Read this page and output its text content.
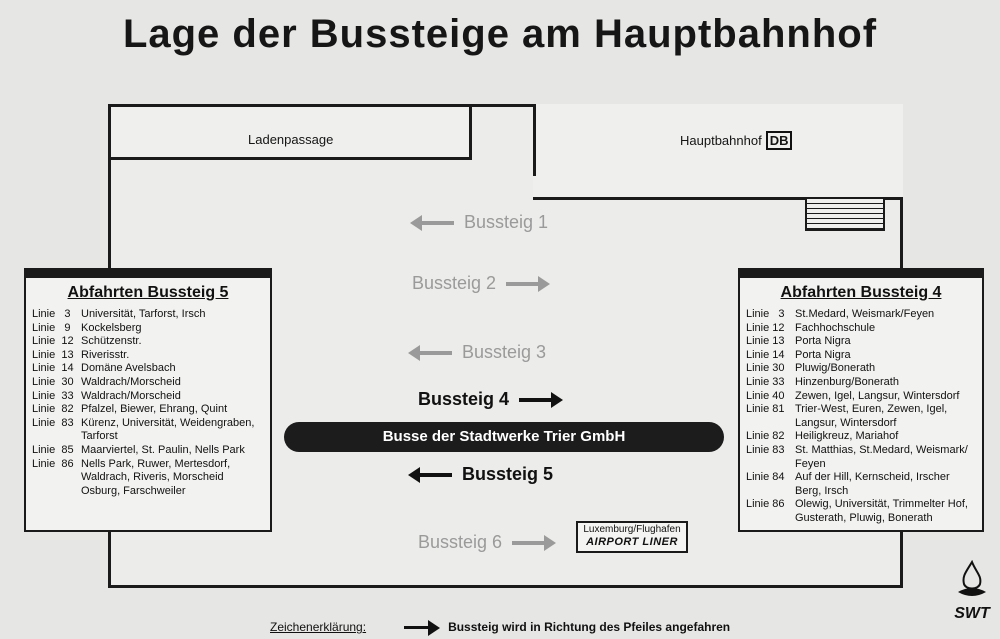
Lage der Bussteige am Hauptbahnhof
Ladenpassage	Hauptbahnhof DB
Bussteig 1
Bussteig 2
Bussteig 3
Bussteig 4
Busse der Stadtwerke Trier GmbH
Bussteig 5
Bussteig 6
Luxemburg/Flughafen
AIRPORT LINER
Abfahrten Bussteig 5
Linie   3 Universität, Tarforst, Irsch
Linie   9 Kockelsberg
Linie  12 Schützenstr.
Linie  13 Riverisstr.
Linie  14 Domäne Avelsbach
Linie  30 Waldrach/Morscheid
Linie  33 Waldrach/Morscheid
Linie  82 Pfalzel, Biewer, Ehrang, Quint
Linie  83 Kürenz, Universität, Weidengraben, Tarforst
Linie  85 Maarviertel, St. Paulin, Nells Park
Linie  86 Nells Park, Ruwer, Mertesdorf, Waldrach, Riveris, Morscheid Osburg, Farschweiler
Abfahrten Bussteig 4
Linie   3 St.Medard, Weismark/Feyen
Linie 12 Fachhochschule
Linie 13 Porta Nigra
Linie 14 Porta Nigra
Linie 30 Pluwig/Bonerath
Linie 33 Hinzenburg/Bonerath
Linie 40 Zewen, Igel, Langsur, Wintersdorf
Linie 81 Trier-West, Euren, Zewen, Igel, Langsur, Wintersdorf
Linie 82 Heiligkreuz, Mariahof
Linie 83 St. Matthias, St.Medard, Weismark/ Feyen
Linie 84 Auf der Hill, Kernscheid, Irscher Berg, Irsch
Linie 86 Olewig, Universität, Trimmelter Hof, Gusterath, Pluwig, Bonerath
Zeichenerklärung:	Bussteig wird in Richtung des Pfeiles angefahren
SWT
